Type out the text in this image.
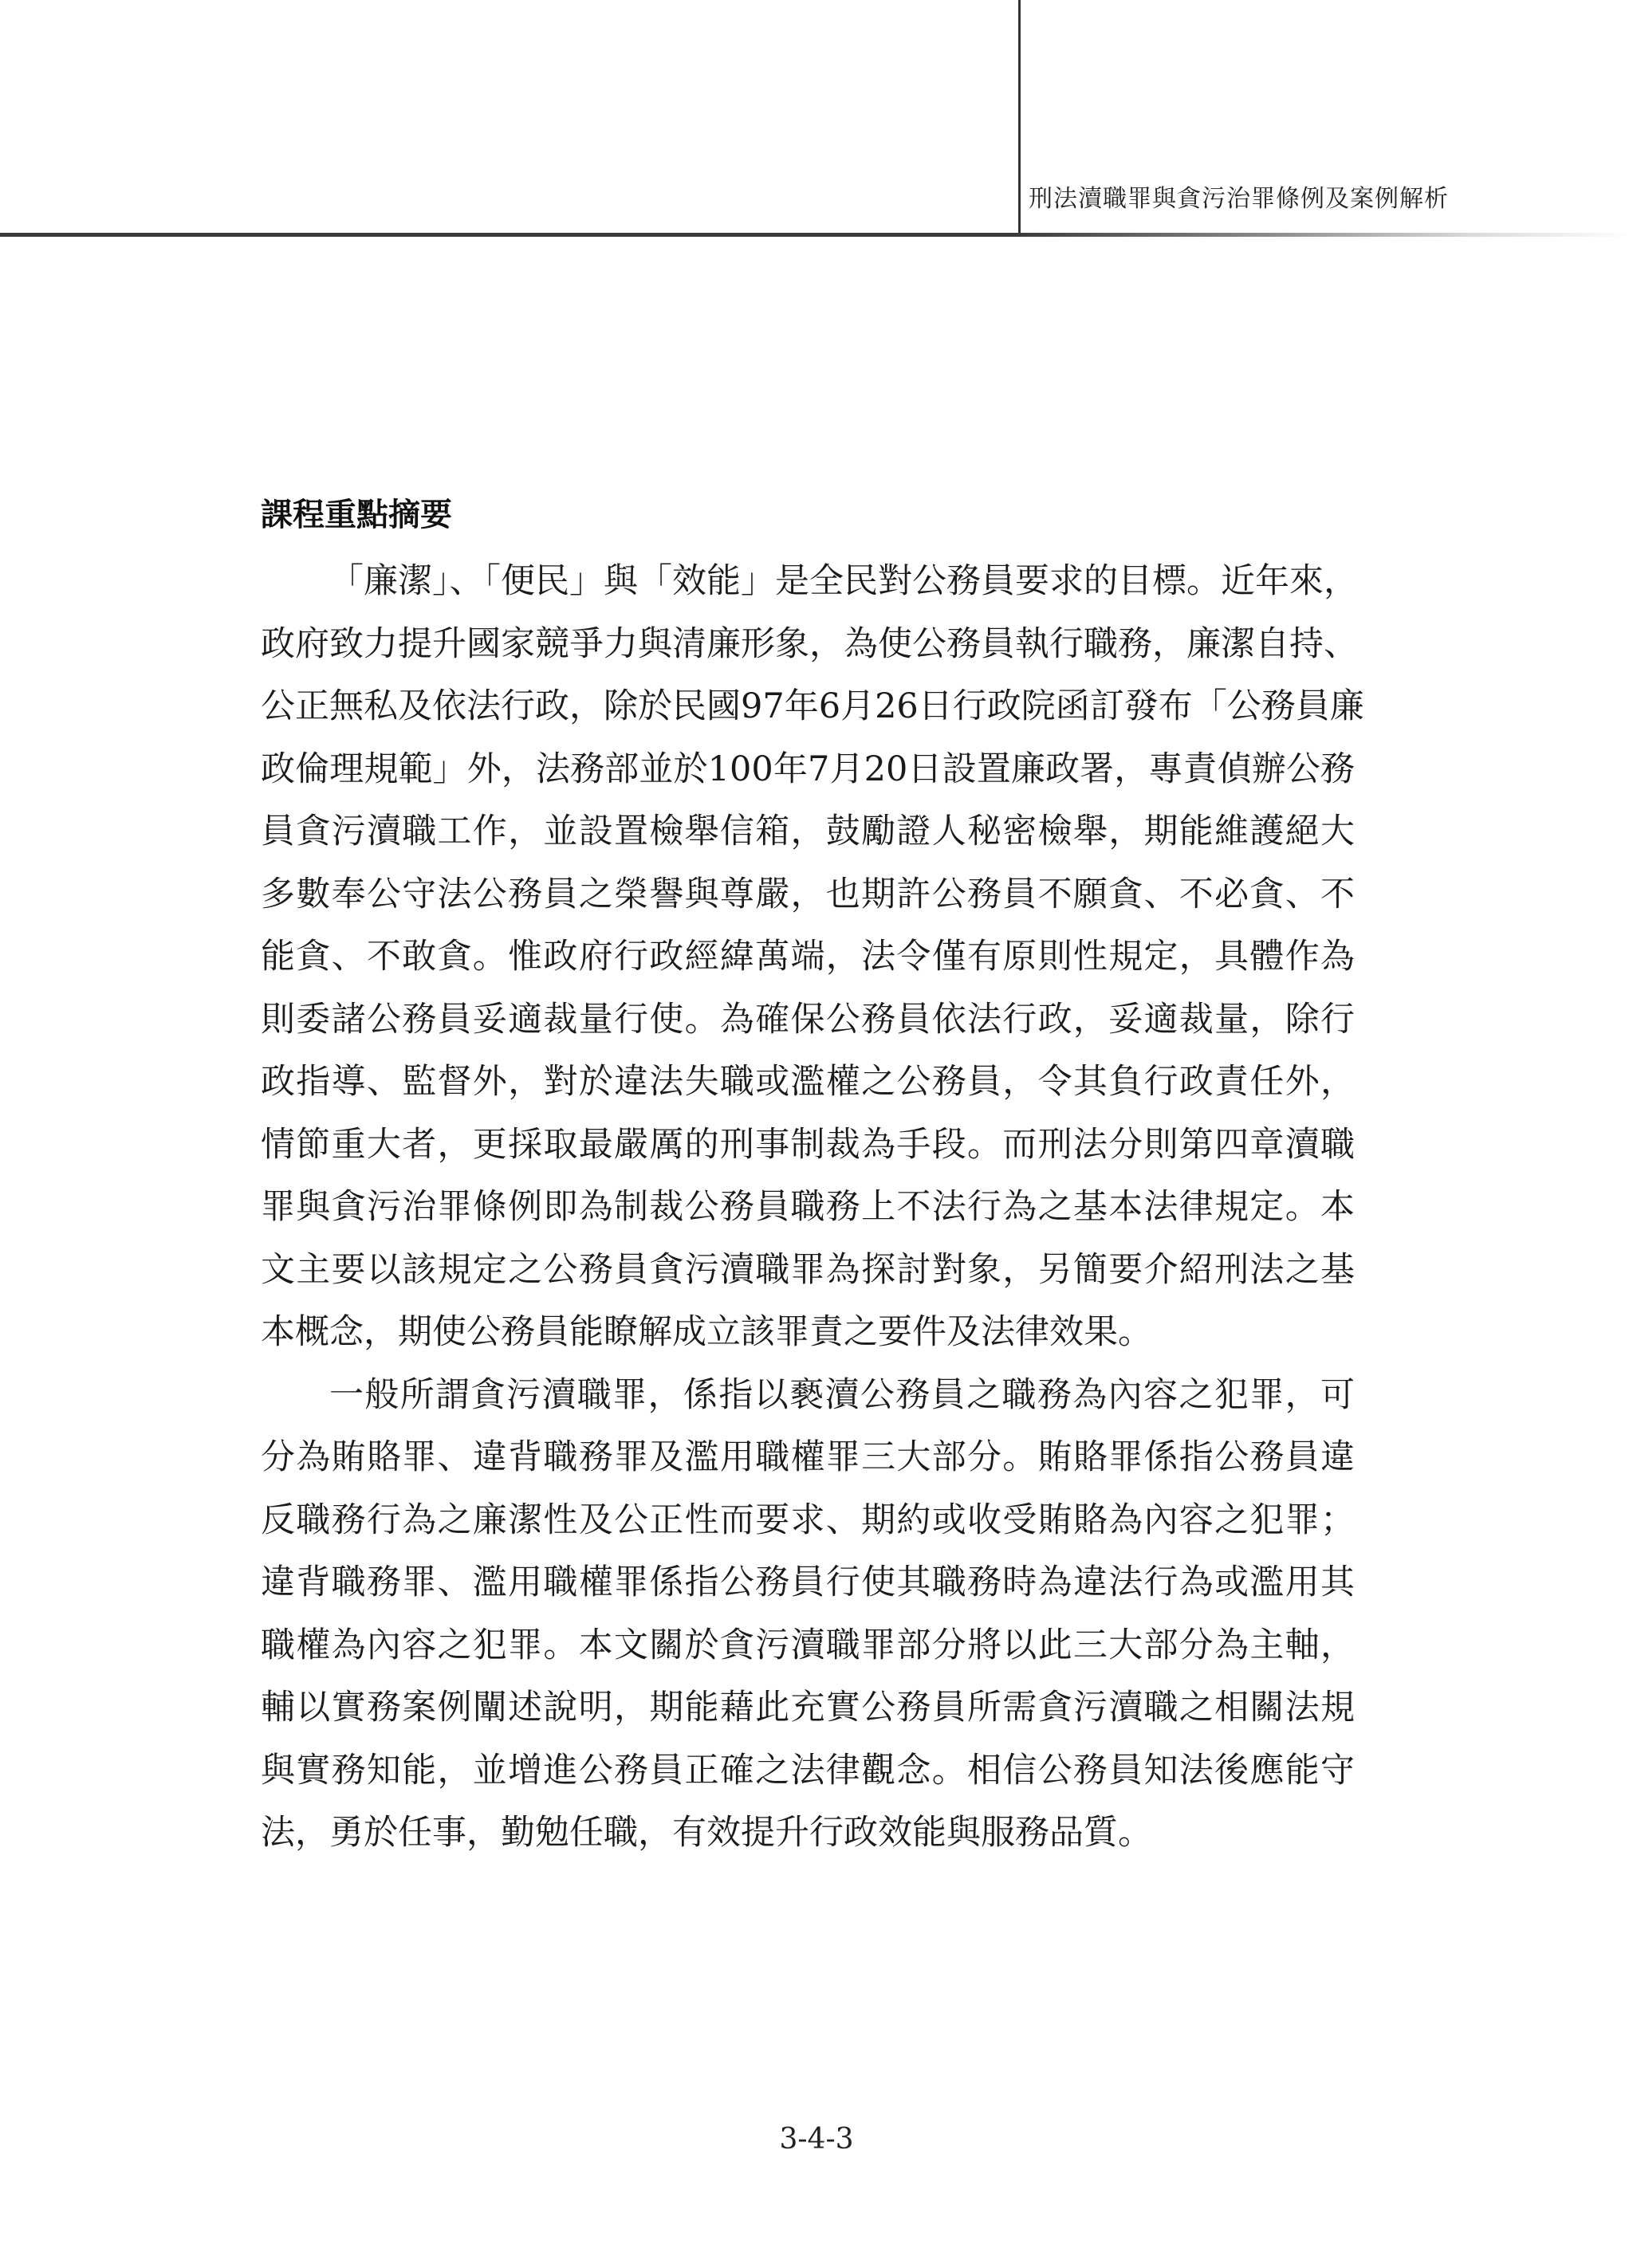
刑法瀆職罪與貪污治罪條例及案例解析
課程重點摘要
「廉潔」、「便民」與「效能」是全民對公務員要求的目標。近年來，
政府致力提升國家競爭力與清廉形象，為使公務員執行職務，廉潔自持、
公正無私及依法行政，除於民國97年6月26日行政院函訂發布「公務員廉
政倫理規範」外，法務部並於100年7月20日設置廉政署，專責偵辦公務
員貪污瀆職工作，並設置檢舉信箱，鼓勵證人秘密檢舉，期能維護絕大
多數奉公守法公務員之榮譽與尊嚴，也期許公務員不願貪、不必貪、不
能貪、不敢貪。惟政府行政經緯萬端，法令僅有原則性規定，具體作為
則委諸公務員妥適裁量行使。為確保公務員依法行政，妥適裁量，除行
政指導、監督外，對於違法失職或濫權之公務員，令其負行政責任外，
情節重大者，更採取最嚴厲的刑事制裁為手段。而刑法分則第四章瀆職
罪與貪污治罪條例即為制裁公務員職務上不法行為之基本法律規定。本
文主要以該規定之公務員貪污瀆職罪為探討對象，另簡要介紹刑法之基
本概念，期使公務員能瞭解成立該罪責之要件及法律效果。
一般所謂貪污瀆職罪，係指以褻瀆公務員之職務為內容之犯罪，可
分為賄賂罪、違背職務罪及濫用職權罪三大部分。賄賂罪係指公務員違
反職務行為之廉潔性及公正性而要求、期約或收受賄賂為內容之犯罪；
違背職務罪、濫用職權罪係指公務員行使其職務時為違法行為或濫用其
職權為內容之犯罪。本文關於貪污瀆職罪部分將以此三大部分為主軸，
輔以實務案例闡述說明，期能藉此充實公務員所需貪污瀆職之相關法規
與實務知能，並增進公務員正確之法律觀念。相信公務員知法後應能守
法，勇於任事，勤勉任職，有效提升行政效能與服務品質。
3-4-3
